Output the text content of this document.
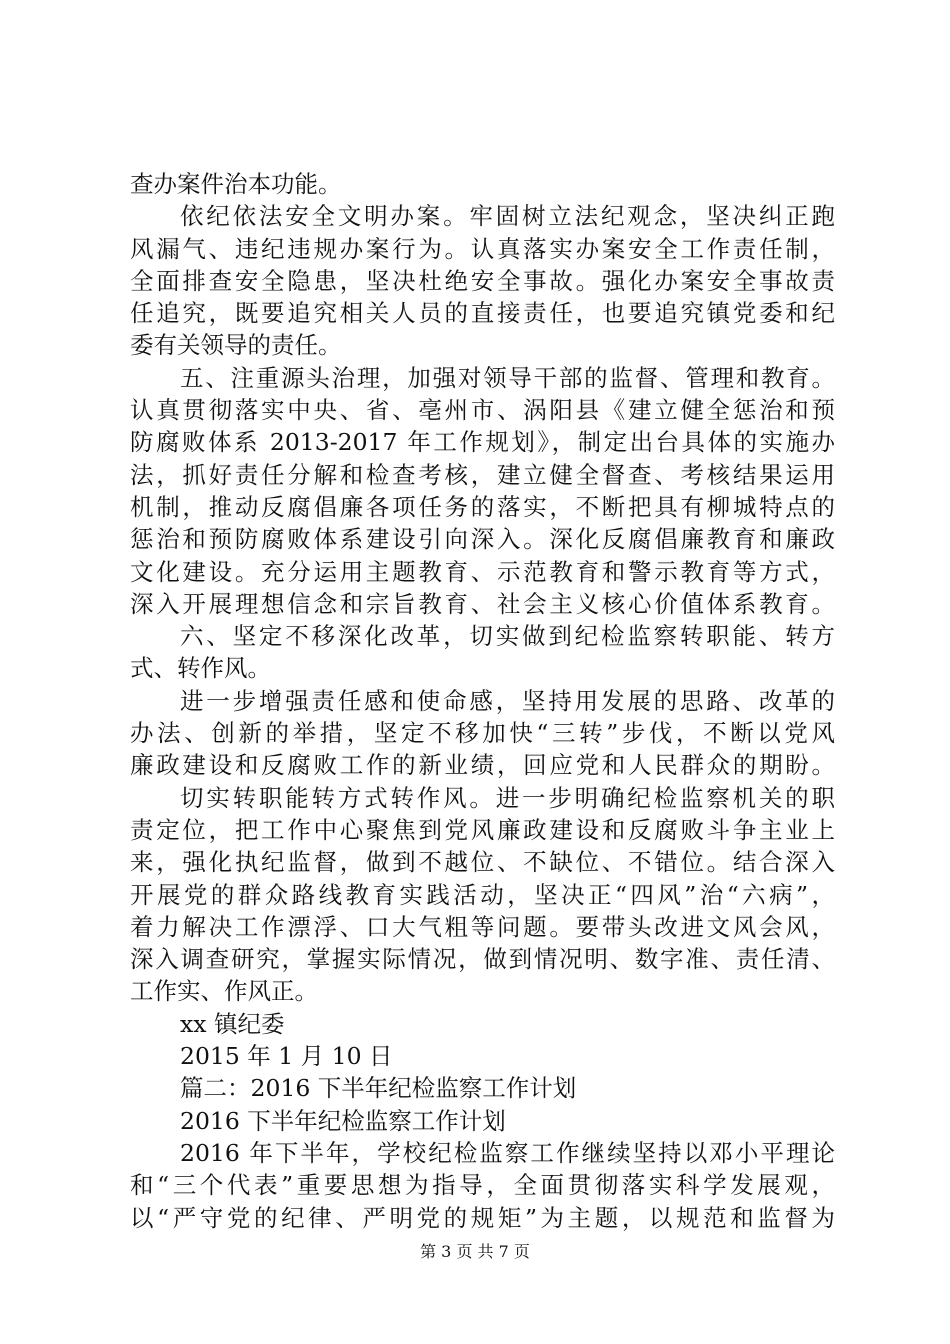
查办案件治本功能。
依纪依法安全文明办案。牢固树立法纪观念，坚决纠正跑
风漏气、违纪违规办案行为。认真落实办案安全工作责任制，
全面排查安全隐患，坚决杜绝安全事故。强化办案安全事故责
任追究，既要追究相关人员的直接责任，也要追究镇党委和纪
委有关领导的责任。
五、注重源头治理，加强对领导干部的监督、管理和教育。
认真贯彻落实中央、省、亳州市、涡阳县《建立健全惩治和预
防腐败体系 2013-2017 年工作规划》，制定出台具体的实施办
法，抓好责任分解和检查考核，建立健全督查、考核结果运用
机制，推动反腐倡廉各项任务的落实，不断把具有柳城特点的
惩治和预防腐败体系建设引向深入。深化反腐倡廉教育和廉政
文化建设。充分运用主题教育、示范教育和警示教育等方式，
深入开展理想信念和宗旨教育、社会主义核心价值体系教育。
六、坚定不移深化改革，切实做到纪检监察转职能、转方
式、转作风。
进一步增强责任感和使命感，坚持用发展的思路、改革的
办法、创新的举措，坚定不移加快“三转”步伐，不断以党风
廉政建设和反腐败工作的新业绩，回应党和人民群众的期盼。
切实转职能转方式转作风。进一步明确纪检监察机关的职
责定位，把工作中心聚焦到党风廉政建设和反腐败斗争主业上
来，强化执纪监督，做到不越位、不缺位、不错位。结合深入
开展党的群众路线教育实践活动，坚决正“四风”治“六病”，
着力解决工作漂浮、口大气粗等问题。要带头改进文风会风，
深入调查研究，掌握实际情况，做到情况明、数字准、责任清、
工作实、作风正。
xx 镇纪委
2015 年 1 月 10 日
篇二：2016 下半年纪检监察工作计划
2016 下半年纪检监察工作计划
2016 年下半年，学校纪检监察工作继续坚持以邓小平理论
和“三个代表”重要思想为指导，全面贯彻落实科学发展观，
以“严守党的纪律、严明党的规矩”为主题，以规范和监督为
第 3 页 共 7 页
